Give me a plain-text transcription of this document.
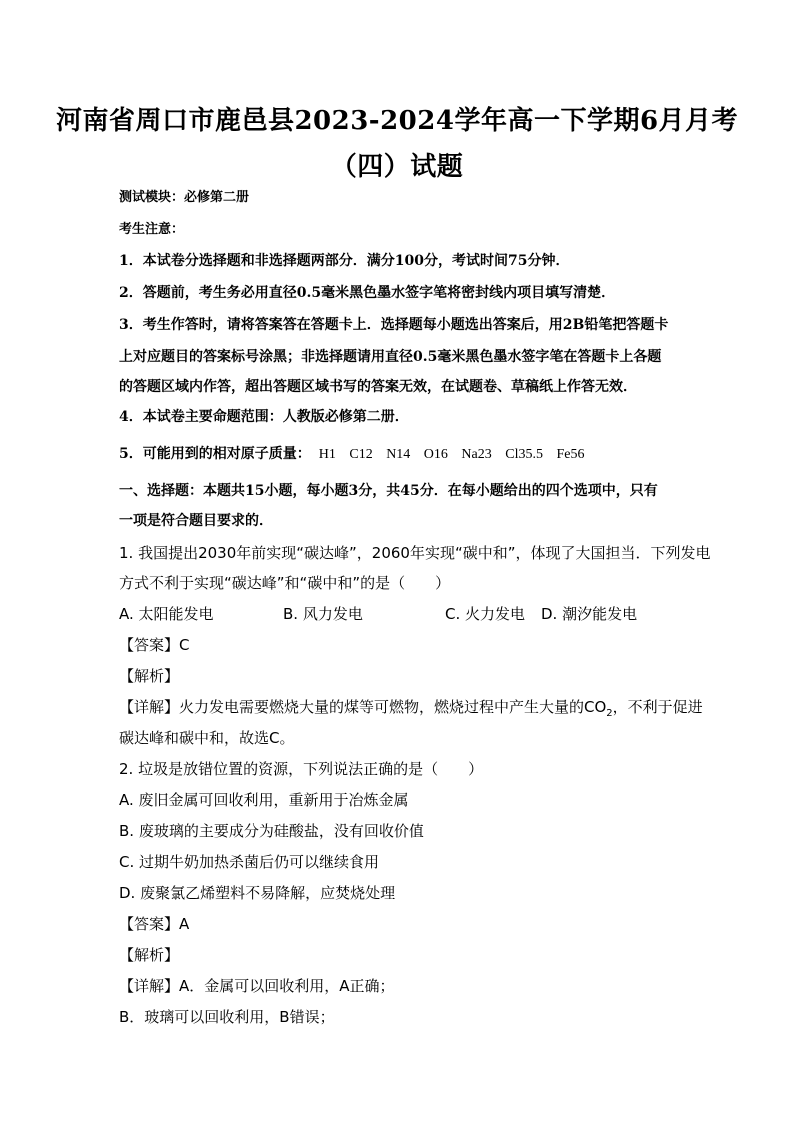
河南省周口市鹿邑县2023-2024学年高一下学期6月月考
（四）试题
测试模块：必修第二册
考生注意：
1．本试卷分选择题和非选择题两部分．满分100分，考试时间75分钟．
2．答题前，考生务必用直径0.5毫米黑色墨水签字笔将密封线内项目填写清楚．
3．考生作答时，请将答案答在答题卡上．选择题每小题选出答案后，用2B铅笔把答题卡
上对应题目的答案标号涂黑；非选择题请用直径0.5毫米黑色墨水签字笔在答题卡上各题
的答题区域内作答，超出答题区域书写的答案无效，在试题卷、草稿纸上作答无效．
4．本试卷主要命题范围：人教版必修第二册．
5．可能用到的相对原子质量： H1 C12 N14 O16 Na23 Cl35.5 Fe56
一、选择题：本题共15小题，每小题3分，共45分．在每小题给出的四个选项中，只有
一项是符合题目要求的．
1. 我国提出2030年前实现“碳达峰”，2060年实现“碳中和”，体现了大国担当．下列发电
方式不利于实现“碳达峰”和“碳中和”的是（　　）
A. 太阳能发电	B. 风力发电	C. 火力发电 D. 潮汐能发电
【答案】C
【解析】
【详解】火力发电需要燃烧大量的煤等可燃物，燃烧过程中产生大量的$CO_2$，不利于促进
碳达峰和碳中和，故选C。
2. 垃圾是放错位置的资源，下列说法正确的是（　　）
A. 废旧金属可回收利用，重新用于冶炼金属
B. 废玻璃的主要成分为硅酸盐，没有回收价值
C. 过期牛奶加热杀菌后仍可以继续食用
D. 废聚氯乙烯塑料不易降解，应焚烧处理
【答案】A
【解析】
【详解】A．金属可以回收利用，A正确；
B．玻璃可以回收利用，B错误；
